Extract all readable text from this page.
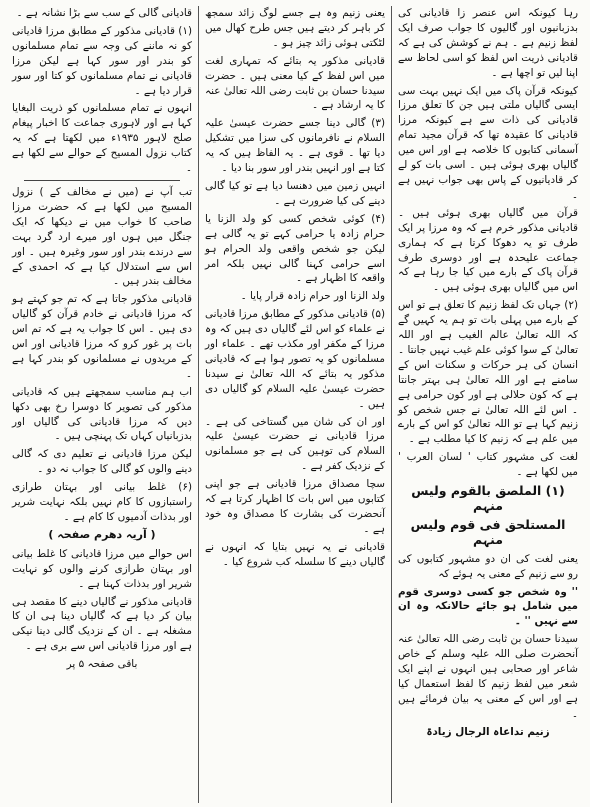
رہا کیونکہ اس عنصر زا قادیانی کی بدزبانیوں اور گالیوں کا جواب صرف ایک لفظ زنیم ہے ۔ ہم نے کوشش کی ہے کہ قادیانی ذریت اس لفظ کو اسی لحاظ سے اپنا لیں تو اچھا ہے ۔

کیونکہ قرآن پاک میں ایک نہیں بہت سی ایسی گالیاں ملتی ہیں جن کا تعلق مرزا قادیانی کی ذات سے ہے کیونکہ مرزا قادیانی کا عقیدہ تھا کہ قرآن مجید تمام آسمانی کتابوں کا خلاصہ ہے اور اس میں گالیاں بھری ہوئی ہیں ۔ اسی بات کو لے کر قادیانیوں کے پاس بھی جواب نہیں ہے ۔

قرآن میں گالیاں بھری ہوئی ہیں ۔ قادیانی مذکور خرم ہے کہ وہ مرزا پر ایک طرف تو یہ دھوکا کرتا ہے کہ ہماری جماعت علیحدہ ہے اور دوسری طرف قرآن پاک کے بارے میں کیا جا رہا ہے کہ اس میں گالیاں بھری ہوئی ہیں ۔

(۲) جہاں تک لفظ زنیم کا تعلق ہے تو اس کے بارے میں پہلی بات تو ہم یہ کہیں گے کہ اللہ تعالیٰ عالم الغیب ہے اور اللہ تعالیٰ کے سوا کوئی علم غیب نہیں جانتا ۔ انسان کی ہر حرکات و سکنات اس کے سامنے ہے اور اللہ تعالیٰ ہی بہتر جانتا ہے کہ کون حلالی ہے اور کون حرامی ہے ۔ اس لئے اللہ تعالیٰ نے جس شخص کو زنیم کہا ہے تو اللہ تعالیٰ کو اس کے بارے میں علم ہے کہ زنیم کا کیا مطلب ہے ۔

لغت کی مشہور کتاب ' لسان العرب ' میں لکھا ہے ۔

(۱) الملصق بالقوم ولیس منہم
المستلحق فی قوم ولیس منہم

یعنی لغت کی ان دو مشہور کتابوں کی رو سے زنیم کے معنی یہ ہوئے کہ

'' وہ شخص جو کسی دوسری قوم میں شامل ہو جائے حالانکہ وہ ان سے نہیں '' ۔

سیدنا حسان بن ثابت رضی اللہ تعالیٰ عنہ آنحضرت صلی اللہ علیہ وسلم کے خاص شاعر اور صحابی ہیں انہوں نے اپنے ایک شعر میں لفظ زنیم کا لفظ استعمال کیا ہے اور اس کے معنی یہ بیان فرمائے ہیں ۔

زنیم تداعاہ الرجال زیادۃ

یعنی زنیم وہ ہے جسے لوگ زائد سمجھ کر باہر کر دیتے ہیں جس طرح کھال میں لٹکتی ہوئی زائد چیز ہو ۔

قادیانی مذکور یہ بتائے کہ تمہاری لغت میں اس لفظ کے کیا معنی ہیں ۔ حضرت سیدنا حسان بن ثابت رضی اللہ تعالیٰ عنہ کا یہ ارشاد ہے ۔

(۳) گالی دینا جسے حضرت عیسیٰ علیہ السلام نے نافرمانوں کی سزا میں تشکیل دیا تھا ۔ قوی ہے ۔ یہ الفاظ ہیں کہ یہ کتا ہے اور انہیں بندر اور سور بنا دیا ۔

انہیں زمین میں دھنسا دیا ہے تو کیا گالی دینے کی کیا ضرورت ہے ۔

(۴) کوئی شخص کسی کو ولد الزنا یا حرام زادہ یا حرامی کہے تو یہ گالی ہے لیکن جو شخص واقعی ولد الحرام ہو اسے حرامی کہنا گالی نہیں بلکہ امر واقعہ کا اظہار ہے ۔

ولد الزنا اور حرام زادہ قرار پایا ۔

(۵) قادیانی مذکور کے مطابق مرزا قادیانی نے علماء کو اس لئے گالیاں دی ہیں کہ وہ مرزا کے مکفر اور مکذب تھے ۔ علماء اور مسلمانوں کو یہ تصور ہوا ہے کہ قادیانی مذکور یہ بتائے کہ اللہ تعالیٰ نے سیدنا حضرت عیسیٰ علیہ السلام کو گالیاں دی ہیں ۔

اور ان کی شان میں گستاخی کی ہے ۔ مرزا قادیانی نے حضرت عیسیٰ علیہ السلام کی توہین کی ہے جو مسلمانوں کے نزدیک کفر ہے ۔

سچا مصداق مرزا قادیانی ہے جو اپنی کتابوں میں اس بات کا اظہار کرتا ہے کہ آنحضرت کی بشارت کا مصداق وہ خود ہے ۔

قادیانی نے یہ نہیں بتایا کہ انہوں نے گالیاں دینے کا سلسلہ کب شروع کیا ۔

قادیانی گالی کے سب سے بڑا نشانہ ہے ۔

(۱) قادیانی مذکور کے مطابق مرزا قادیانی کو نہ ماننے کی وجہ سے تمام مسلمانوں کو بندر اور سور کہا ہے لیکن مرزا قادیانی نے تمام مسلمانوں کو کتا اور سور قرار دیا ہے ۔

انہوں نے تمام مسلمانوں کو ذریت البغایا کہا ہے اور لاہوری جماعت کا اخبار پیغام صلح لاہور ۱۹۳۵ء میں لکھتا ہے کہ یہ کتاب نزول المسیح کے حوالے سے لکھا ہے ۔

تب آپ نے (میں نے مخالف کے ) نزول المسیح میں لکھا ہے کہ حضرت مرزا صاحب کا خواب میں نے دیکھا کہ ایک جنگل میں ہوں اور میرے ارد گرد بہت سے درندے بندر اور سور وغیرہ ہیں ۔ اور اس سے استدلال کیا ہے کہ احمدی کے مخالف بندر ہیں ۔

قادیانی مذکور جاتا ہے کہ تم جو کہتے ہو کہ مرزا قادیانی نے خادم قرآن کو گالیاں دی ہیں ۔ اس کا جواب یہ ہے کہ تم اس بات پر غور کرو کہ مرزا قادیانی اور اس کے مریدوں نے مسلمانوں کو بندر کہا ہے ۔

اب ہم مناسب سمجھتے ہیں کہ قادیانی مذکور کی تصویر کا دوسرا رخ بھی دکھا دیں کہ مرزا قادیانی کی گالیاں اور بدزبانیاں کہاں تک پہنچی ہیں ۔

لیکن مرزا قادیانی نے تعلیم دی کہ گالی دینے والوں کو گالی کا جواب نہ دو ۔

(۶) غلط بیانی اور بہتان طرازی راستبازوں کا کام نہیں بلکہ نہایت شریر اور بدذات آدمیوں کا کام ہے ۔

( آریہ دھرم صفحہ )

اس حوالے میں مرزا قادیانی کا غلط بیانی اور بہتان طرازی کرنے والوں کو نہایت شریر اور بدذات کہنا ہے ۔

قادیانی مذکور نے گالیاں دینے کا مقصد ہی بیان کر دیا ہے کہ گالیاں دینا ہی ان کا مشغلہ ہے ۔ ان کے نزدیک گالی دینا نیکی ہے اور مرزا قادیانی اس سے بری ہے ۔

باقی صفحہ ۵ پر
